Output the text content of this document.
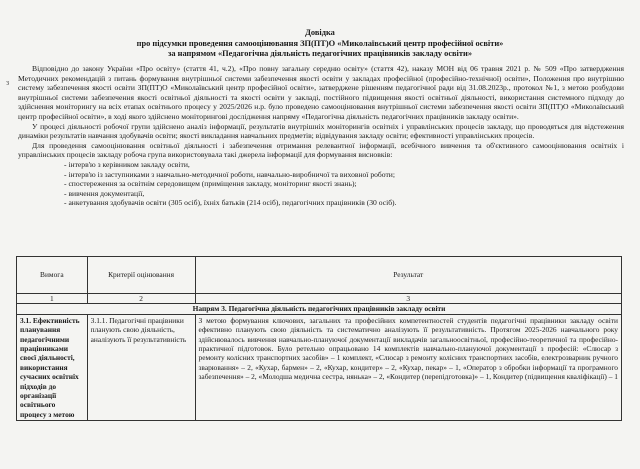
Довідка
про підсумки проведення самооцінювання ЗП(ПТ)О «Миколаївський центр професійної освіти»
за напрямом «Педагогічна діяльність педагогічних працівників закладу освіти»
з

Відповідно до закону України «Про освіту» (стаття 41, ч.2), «Про повну загальну середню освіту» (стаття 42), наказу МОН від 06 травня 2021 р. № 509 «Про затвердження Методичних рекомендацій з питань формування внутрішньої системи забезпечення якості освіти у закладах професійної (професійно-технічної) освіти», Положення про внутрішню систему забезпечення якості освіти ЗП(ПТ)О «Миколаївський центр професійної освіти», затверджене рішенням педагогічної ради від 31.08.2023р., протокол №1, з метою розбудови внутрішньої системи забезпечення якості освітньої діяльності та якості освіти у закладі, постійного підвищення якості освітньої діяльності, використання системного підходу до здійснення моніторингу на всіх етапах освітнього процесу у 2025/2026 н.р. було проведено самооцінювання внутрішньої системи забезпечення якості освіти ЗП(ПТ)О «Миколаївський центр професійної освіти», в ході якого здійснено моніторингові дослідження напряму «Педагогічна діяльність педагогічних працівників закладу освіти».

У процесі діяльності робочої групи здійснено аналіз інформації, результатів внутрішніх моніторингів освітніх і управлінських процесів закладу, що проводяться для відстеження динаміки результатів навчання здобувачів освіти; якості викладання навчальних предметів; відвідування закладу освіти; ефективності управлінських процесів.

Для проведення самооцінювання освітньої діяльності і забезпечення отримання релевантної інформації, всебічного вивчення та об'єктивного самооцінювання освітніх і управлінських процесів закладу робоча група використовувала такі джерела інформації для формування висновків:

- інтерв'ю з керівником закладу освіти,
- інтерв'ю із заступниками з навчально-методичної роботи, навчально-виробничої та виховної роботи;
- спостереження за освітнім середовищем (приміщення закладу, моніторинг якості знань);
- вивчення документації,
- анкетування здобувачів освіти (305 осіб), їхніх батьків (214 осіб), педагогічних працівників (30 осіб).
Вимога	Критерії оцінювання	Результат
1	2	3
Напрям 3. Педагогічна діяльність педагогічних працівників закладу освіти		
3.1. Ефективність планування педагогічними працівниками своєї діяльності, використання сучасних освітніх підходів до організації освітнього процесу з метою	3.1.1. Педагогічні працівники планують свою діяльність, аналізують її результативність	З метою формування ключових, загальних та професійних компетентностей студентів педагогічні працівники закладу освіти ефективно планують свою діяльність та систематично аналізують її результативність. Протягом 2025-2026 навчального року здійснювалось вивчення навчально-плануючої документації викладачів загальноосвітньої, професійно-теоретичної та професійно-практичної підготовок. Було ретельно опрацьовано 14 комплектів навчально-плануючої документації з професій: «Слюсар з ремонту колісних транспортних засобів» – 1 комплект, «Слюсар з ремонту колісних транспортних засобів, електрозварник ручного зварювання» – 2, «Кухар, бармен» – 2, «Кухар, кондитер» – 2, «Кухар, пекар» – 1, «Оператор з обробки інформації та програмного забезпечення» – 2, «Молодша медична сестра, нянька» – 2, «Кондитер (перепідготовка)» – 1, Кондитер (підвищення кваліфікації) – 1
